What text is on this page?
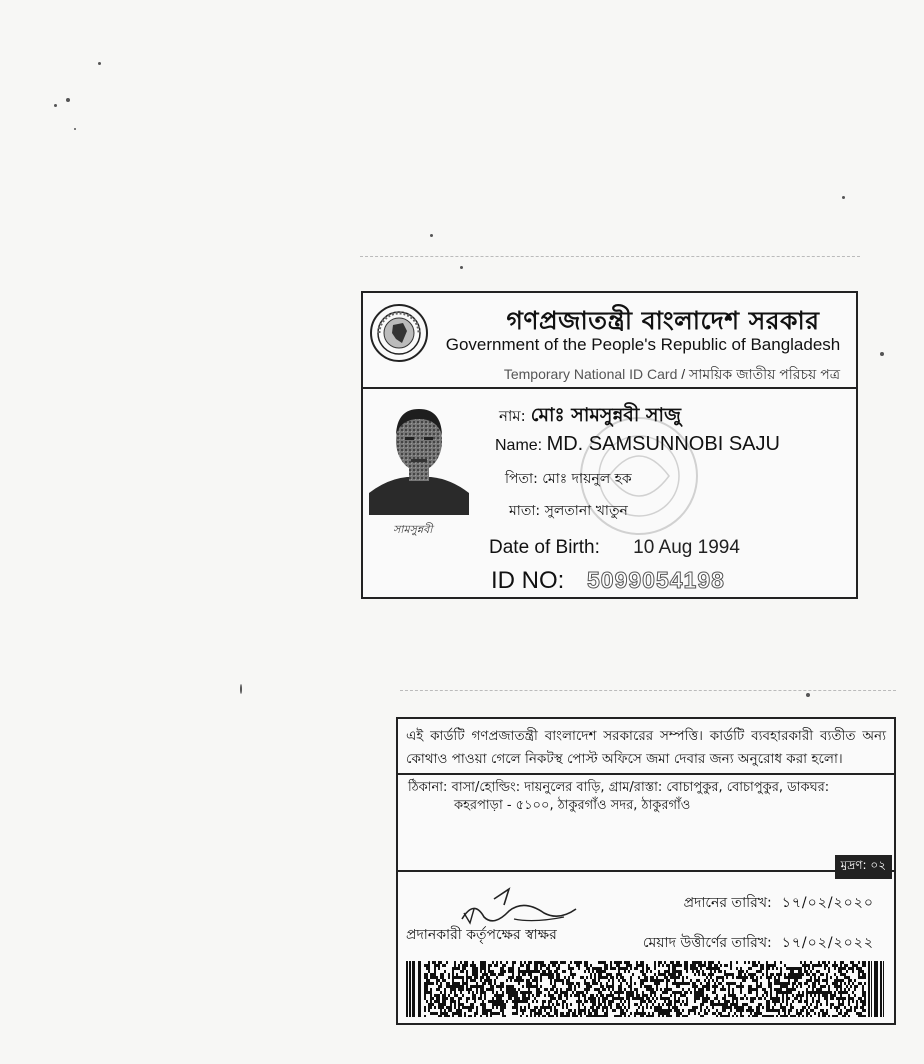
গণপ্রজাতন্ত্রী বাংলাদেশ সরকার
Government of the People's Republic of Bangladesh
Temporary National ID Card / সাময়িক জাতীয় পরিচয় পত্র
সামসুন্নবী
নাম: মোঃ সামসুন্নবী সাজু
Name: MD. SAMSUNNOBI SAJU
পিতা: মোঃ দায়নুল হক
মাতা: সুলতানা খাতুন
Date of Birth: 10 Aug 1994
ID NO: 5099054198
এই কার্ডটি গণপ্রজাতন্ত্রী বাংলাদেশ সরকারের সম্পত্তি। কার্ডটি ব্যবহারকারী ব্যতীত অন্য কোথাও পাওয়া গেলে নিকটস্থ পোস্ট অফিসে জমা দেবার জন্য অনুরোধ করা হলো।
ঠিকানা: বাসা/হোল্ডিং: দায়নুলের বাড়ি, গ্রাম/রাস্তা: বোচাপুকুর, বোচাপুকুর, ডাকঘর:
কহরপাড়া - ৫১০০, ঠাকুরগাঁও সদর, ঠাকুরগাঁও
মুদ্রণ: ০২
প্রদানকারী কর্তৃপক্ষের স্বাক্ষর
প্রদানের তারিখ: ১৭/০২/২০২০
মেয়াদ উত্তীর্ণের তারিখ: ১৭/০২/২০২২
